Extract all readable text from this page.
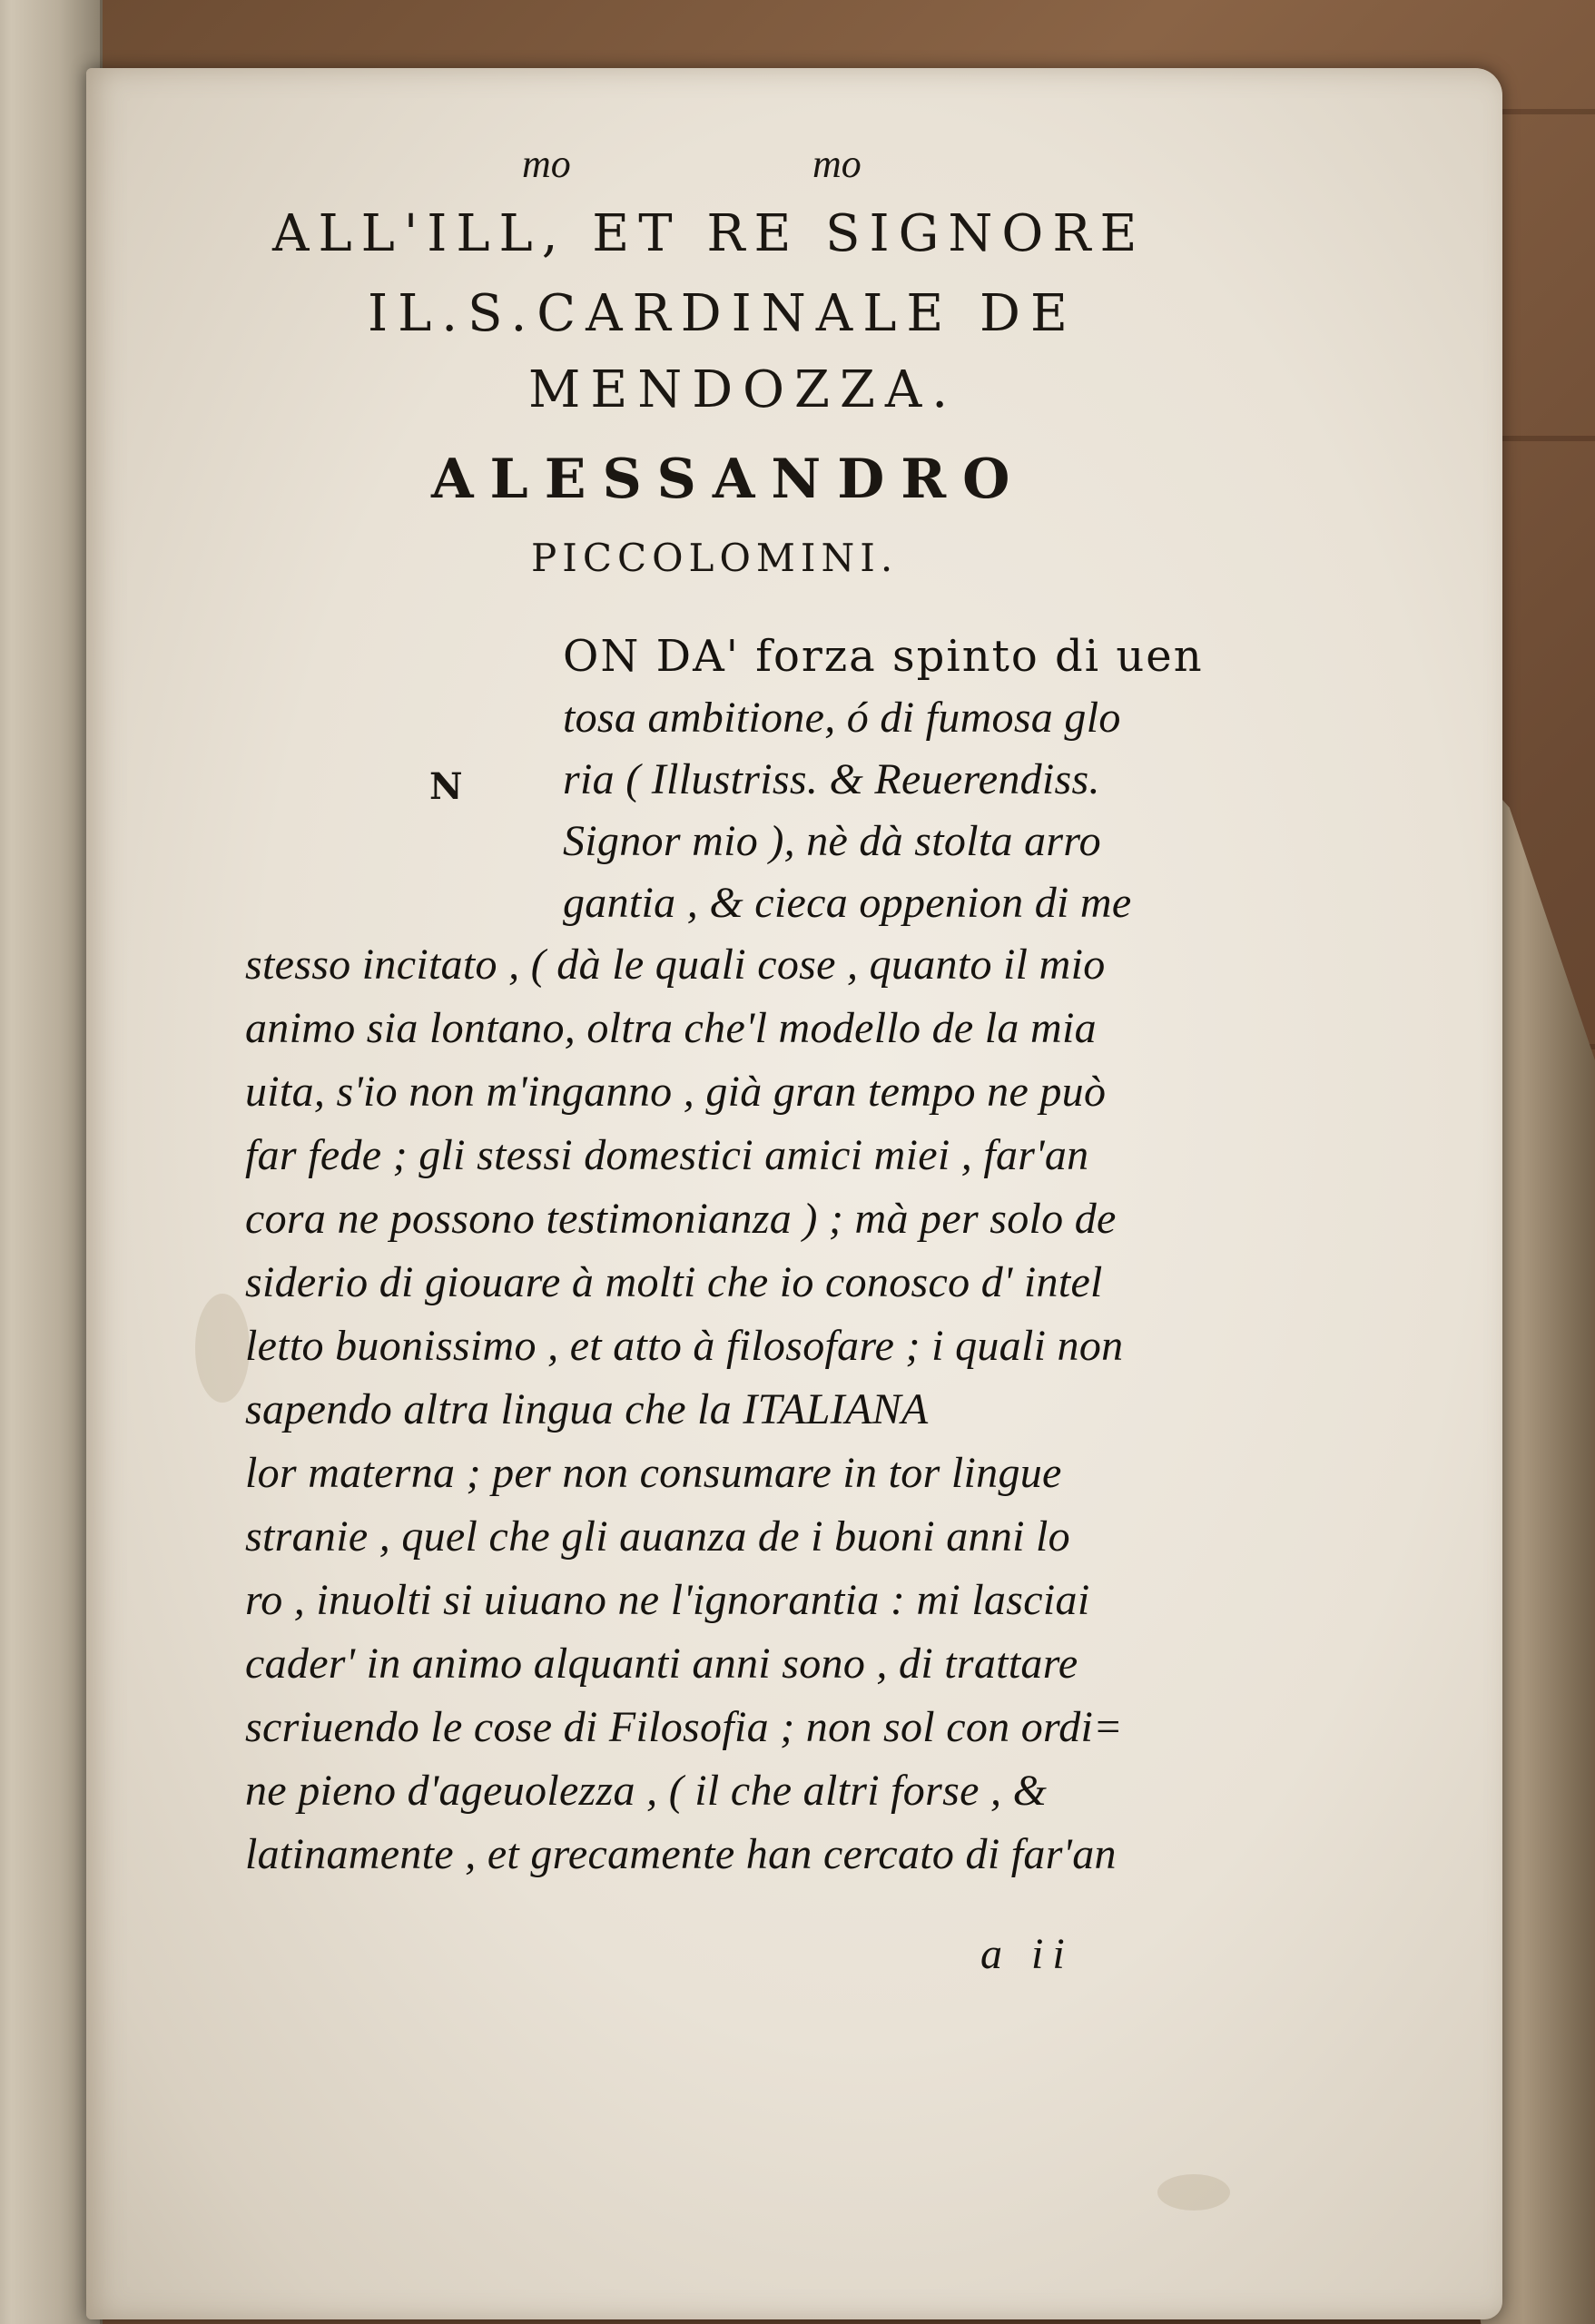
mo	mo
ALL'ILL, ET RE SIGNORE
IL.S.CARDINALE DE
MENDOZZA.
ALESSANDRO
PICCOLOMINI.
N
ON DA' forza spinto di uen
tosa ambitione, ó di fumosa glo
ria ( Illustriss. & Reuerendiss.
Signor mio ), nè dà stolta arro
gantia , & cieca oppenion di me
stesso incitato , ( dà le quali cose , quanto il mio
animo sia lontano, oltra che'l modello de la mia
uita, s'io non m'inganno , già gran tempo ne può
far fede ; gli stessi domestici amici miei , far'an
cora ne possono testimonianza ) ; mà per solo de
siderio di giouare à molti che io conosco d' intel
letto buonissimo , et atto à filosofare ; i quali non
sapendo altra lingua che la ITALIANA
lor materna ; per non consumare in tor lingue
stranie , quel che gli auanza de i buoni anni lo
ro , inuolti si uiuano ne l'ignorantia : mi lasciai
cader' in animo alquanti anni sono , di trattare
scriuendo le cose di Filosofia ; non sol con ordi=
ne pieno d'ageuolezza , ( il che altri forse , &
latinamente , et grecamente han cercato di far'an
a ii
